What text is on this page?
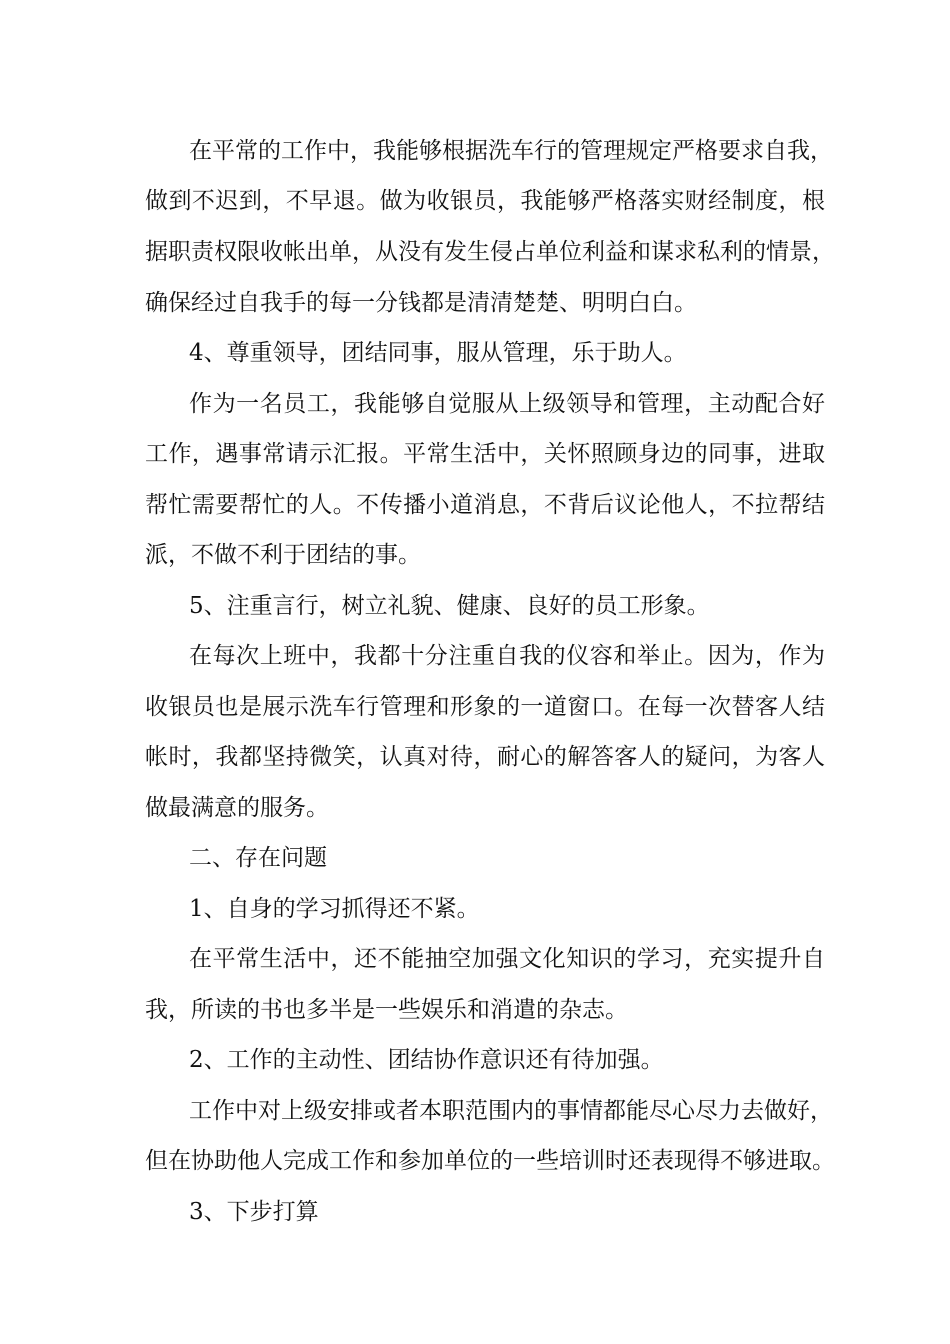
在平常的工作中，我能够根据洗车行的管理规定严格要求自我，
做到不迟到，不早退。做为收银员，我能够严格落实财经制度，根
据职责权限收帐出单，从没有发生侵占单位利益和谋求私利的情景，
确保经过自我手的每一分钱都是清清楚楚、明明白白。
4、尊重领导，团结同事，服从管理，乐于助人。
作为一名员工，我能够自觉服从上级领导和管理，主动配合好
工作，遇事常请示汇报。平常生活中，关怀照顾身边的同事，进取
帮忙需要帮忙的人。不传播小道消息，不背后议论他人，不拉帮结
派，不做不利于团结的事。
5、注重言行，树立礼貌、健康、良好的员工形象。
在每次上班中，我都十分注重自我的仪容和举止。因为，作为
收银员也是展示洗车行管理和形象的一道窗口。在每一次替客人结
帐时，我都坚持微笑，认真对待，耐心的解答客人的疑问，为客人
做最满意的服务。
二、存在问题
1、自身的学习抓得还不紧。
在平常生活中，还不能抽空加强文化知识的学习，充实提升自
我，所读的书也多半是一些娱乐和消遣的杂志。
2、工作的主动性、团结协作意识还有待加强。
工作中对上级安排或者本职范围内的事情都能尽心尽力去做好，
但在协助他人完成工作和参加单位的一些培训时还表现得不够进取。
3、下步打算
